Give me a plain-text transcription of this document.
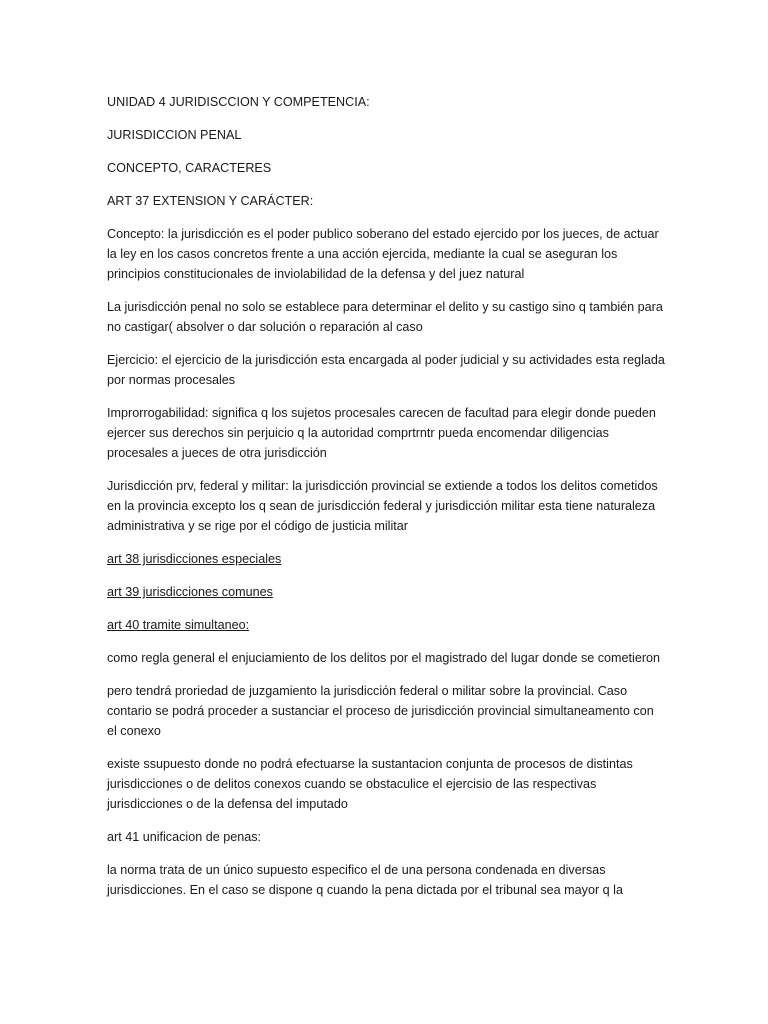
UNIDAD 4 JURIDISCCION Y COMPETENCIA:

JURISDICCION PENAL

CONCEPTO, CARACTERES

ART 37 EXTENSION Y CARÁCTER:

Concepto: la jurisdicción es el poder publico soberano del estado ejercido por los jueces, de actuar la ley en los casos concretos frente a una acción ejercida, mediante la cual se aseguran los principios constitucionales de inviolabilidad de la defensa y del juez natural

La jurisdicción penal no solo se establece para determinar el delito y su castigo sino q también para no castigar( absolver o dar solución o reparación al caso

Ejercicio: el ejercicio de la jurisdicción esta encargada al poder judicial y su actividades esta reglada por normas procesales

Improrrogabilidad: significa q los sujetos procesales carecen de facultad para elegir donde pueden ejercer sus derechos sin perjuicio q la autoridad comprtrntr pueda encomendar diligencias procesales a jueces de otra jurisdicción

Jurisdicción prv, federal y militar: la jurisdicción provincial se extiende a todos los delitos cometidos en la provincia excepto los q sean de jurisdicción federal y jurisdicción militar esta tiene naturaleza administrativa y se rige por el código de justicia militar

art 38 jurisdicciones especiales

art 39 jurisdicciones comunes

art 40 tramite simultaneo:

como regla general el enjuciamiento de los delitos por el magistrado del lugar donde se cometieron

pero tendrá proriedad de juzgamiento la jurisdicción federal o militar sobre la provincial. Caso contario se podrá proceder a sustanciar el proceso de jurisdicción provincial simultaneamento con el conexo

existe ssupuesto donde no podrá efectuarse la sustantacion conjunta de procesos de distintas jurisdicciones o de delitos conexos cuando se obstaculice el ejercisio de las respectivas jurisdicciones o de la defensa del imputado

art 41 unificacion de penas:

la norma trata de un único supuesto especifico el de una persona condenada en diversas jurisdicciones. En el caso se dispone q cuando la pena dictada por el tribunal sea mayor q la
